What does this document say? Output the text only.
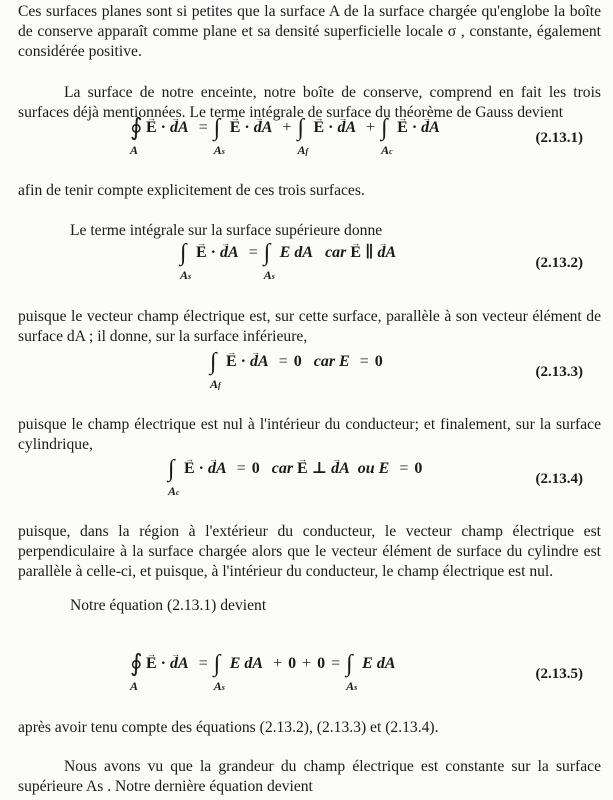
Ces surfaces planes sont si petites que la surface A de la surface chargée qu'englobe la boîte de conserve apparaît comme plane et sa densité superficielle locale σ , constante, également considérée positive.
La surface de notre enceinte, notre boîte de conserve, comprend en fait les trois surfaces déjà mentionnées. Le terme intégrale de surface du théorème de Gauss devient
∮
A
→ E · → dA = ∫
As
→ E · → dA + ∫
Af
→ E · → dA + ∫
Ac
→ E · → dA
(2.13.1)
afin de tenir compte explicitement de ces trois surfaces.
Le terme intégrale sur la surface supérieure donne
∫
As
→ E · → dA = ∫
As
E dA car → E ∥ → dA
(2.13.2)
puisque le vecteur champ électrique est, sur cette surface, parallèle à son vecteur élément de surface dA ; il donne, sur la surface inférieure,
∫
Af
→ E · → dA = 0   car E = 0
(2.13.3)
puisque le champ électrique est nul à l'intérieur du conducteur; et finalement, sur la surface cylindrique,
∫
Ac
→ E · → dA = 0   car → E ⊥ → dA ou E = 0
(2.13.4)
puisque, dans la région à l'extérieur du conducteur, le vecteur champ électrique est perpendiculaire à la surface chargée alors que le vecteur élément de surface du cylindre est parallèle à celle-ci, et puisque, à l'intérieur du conducteur, le champ électrique est nul.
Notre équation (2.13.1) devient
∮
A
→ E · → dA = ∫
As
E dA + 0 + 0 = ∫
As
E dA
(2.13.5)
après avoir tenu compte des équations (2.13.2), (2.13.3) et (2.13.4).
Nous avons vu que la grandeur du champ électrique est constante sur la surface supérieure As . Notre dernière équation devient
